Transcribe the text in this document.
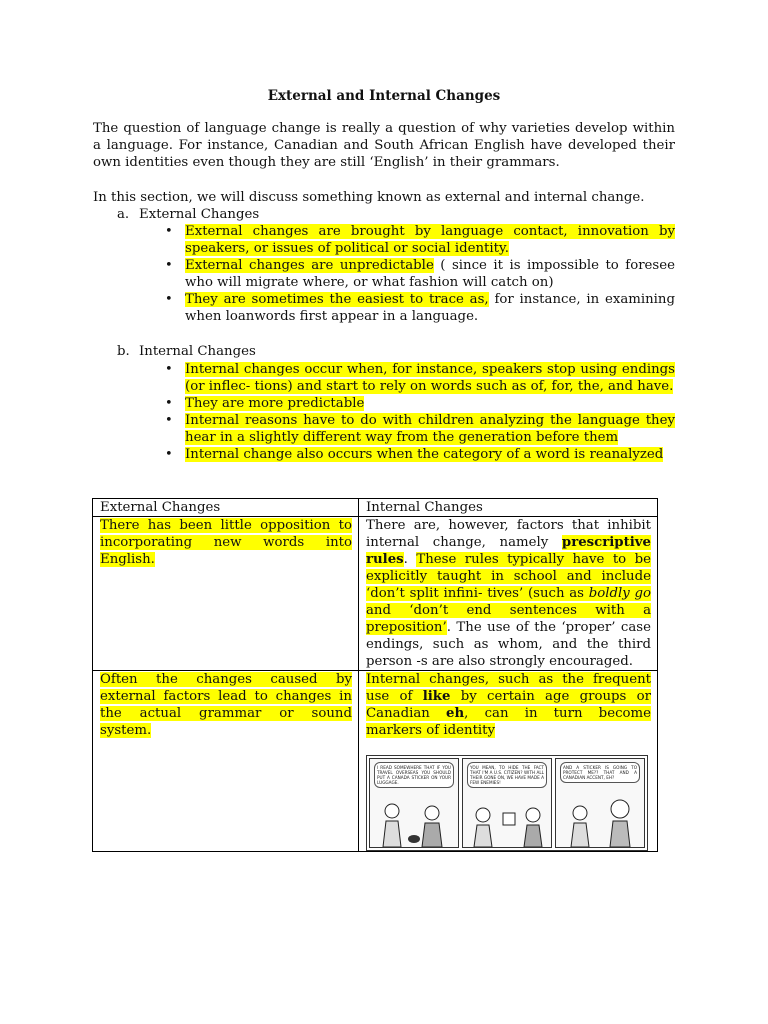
External and Internal Changes

The question of language change is really a question of why varieties develop within a language. For instance, Canadian and South African English have developed their own identities even though they are still ‘English’ in their grammars.

In this section, we will discuss something known as external and internal change.

a. External Changes
• External changes are brought by language contact, innovation by speakers, or issues of political or social identity.
• External changes are unpredictable ( since it is impossible to foresee who will migrate where, or what fashion will catch on)
• They are sometimes the easiest to trace as, for instance, in examining when loanwords first appear in a language.
b. Internal Changes
• Internal changes occur when, for instance, speakers stop using endings (or inflec- tions) and start to rely on words such as of, for, the, and have.
• They are more predictable
• Internal reasons have to do with children analyzing the language they hear in a slightly different way from the generation before them
• Internal change also occurs when the category of a word is reanalyzed
External Changes	Internal Changes
There has been little opposition to incorporating new words into English.	There are, however, factors that inhibit internal change, namely prescriptive rules. These rules typically have to be explicitly taught in school and include ‘don’t split infini- tives’ (such as boldly go and ‘don’t end sentences with a preposition’. The use of the ‘proper’ case endings, such as whom, and the third person -s are also strongly encouraged.

Often the changes caused by external factors lead to changes in the actual grammar or sound system.	Internal changes, such as the frequent use of like by certain age groups or Canadian eh, can in turn become markers of identity

I READ SOMEWHERE THAT IF YOU TRAVEL OVERSEAS YOU SHOULD PUT A CANADA STICKER ON YOUR LUGGAGE.
YOU MEAN, TO HIDE THE FACT THAT I'M A U.S. CITIZEN? WITH ALL THEIR GONE ON, WE HAVE MADE A FEW ENEMIES!
AND A STICKER IS GOING TO PROTECT ME?? THAT AND A CANADIAN ACCENT, EH?
